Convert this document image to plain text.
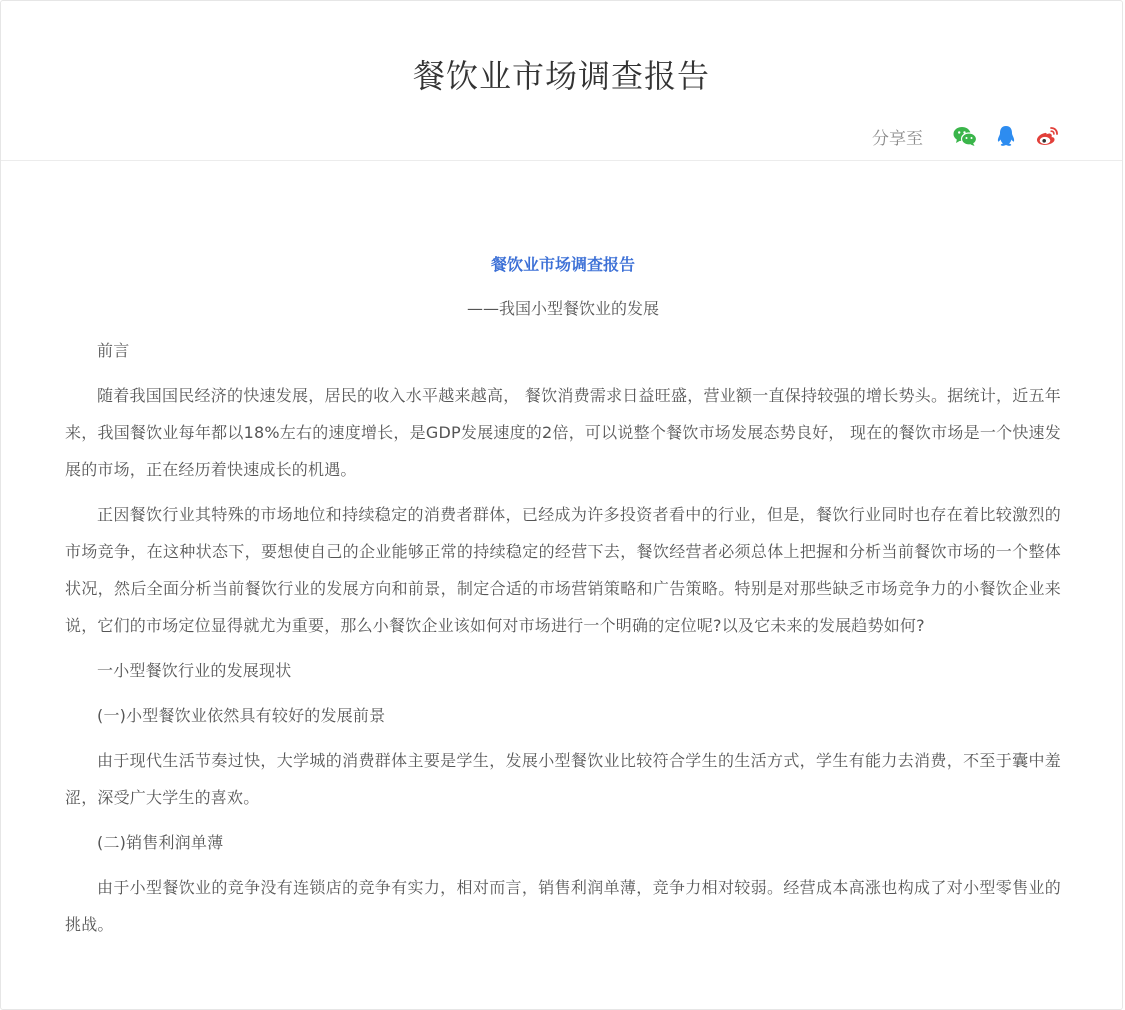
餐饮业市场调查报告
分享至

餐饮业市场调查报告

——我国小型餐饮业的发展

前言

随着我国国民经济的快速发展，居民的收入水平越来越高， 餐饮消费需求日益旺盛，营业额一直保持较强的增长势头。据统计，近五年来，我国餐饮业每年都以18%左右的速度增长，是GDP发展速度的2倍，可以说整个餐饮市场发展态势良好， 现在的餐饮市场是一个快速发展的市场，正在经历着快速成长的机遇。

正因餐饮行业其特殊的市场地位和持续稳定的消费者群体，已经成为许多投资者看中的行业，但是，餐饮行业同时也存在着比较激烈的市场竞争，在这种状态下，要想使自己的企业能够正常的持续稳定的经营下去，餐饮经营者必须总体上把握和分析当前餐饮市场的一个整体状况，然后全面分析当前餐饮行业的发展方向和前景，制定合适的市场营销策略和广告策略。特别是对那些缺乏市场竞争力的小餐饮企业来说，它们的市场定位显得就尤为重要，那么小餐饮企业该如何对市场进行一个明确的定位呢?以及它未来的发展趋势如何?

一小型餐饮行业的发展现状

(一)小型餐饮业依然具有较好的发展前景

由于现代生活节奏过快，大学城的消费群体主要是学生，发展小型餐饮业比较符合学生的生活方式，学生有能力去消费，不至于囊中羞涩，深受广大学生的喜欢。

(二)销售利润单薄

由于小型餐饮业的竞争没有连锁店的竞争有实力，相对而言，销售利润单薄，竞争力相对较弱。经营成本高涨也构成了对小型零售业的挑战。
